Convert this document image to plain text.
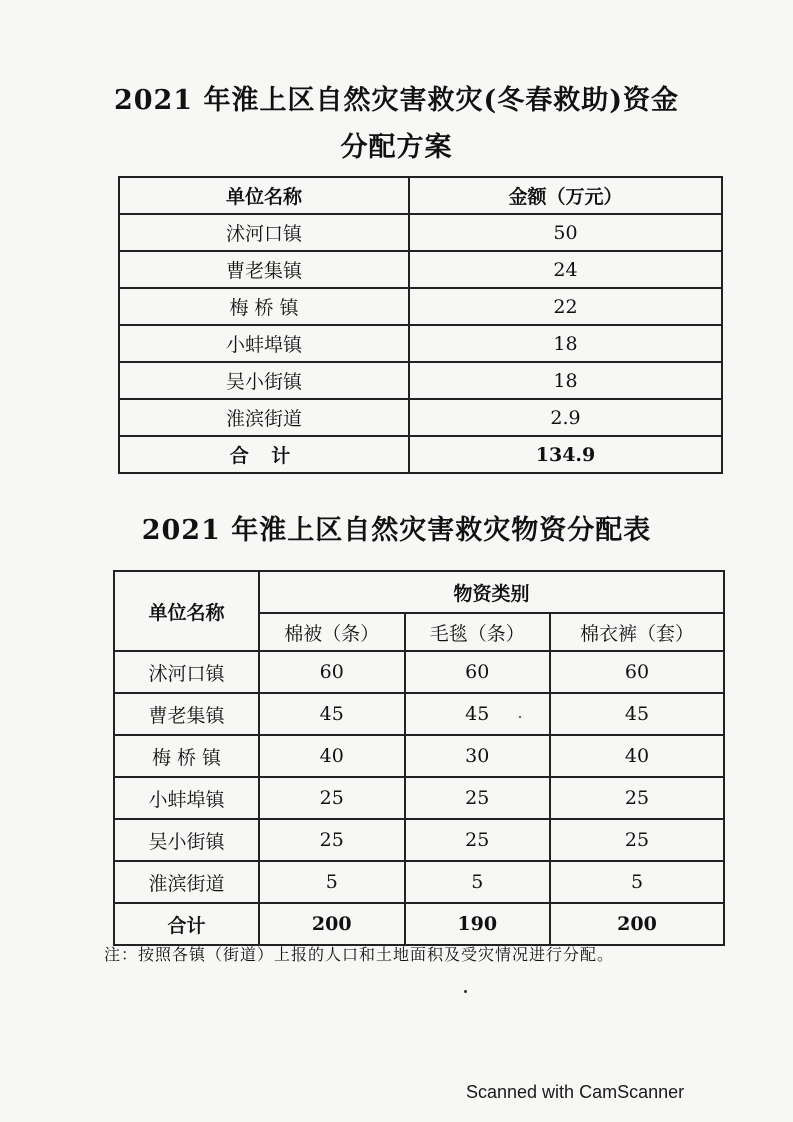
2021 年淮上区自然灾害救灾(冬春救助)资金
分配方案
单位名称	金额（万元）
沭河口镇	50
曹老集镇	24
梅 桥 镇	22
小蚌埠镇	18
吴小街镇	18
淮滨街道	2.9
合 计	134.9
2021 年淮上区自然灾害救灾物资分配表
单位名称	物资类别		
	棉被（条）	毛毯（条）	棉衣裤（套）
沭河口镇	60	60	60
曹老集镇	45	45	45
梅 桥 镇	40	30	40
小蚌埠镇	25	25	25
吴小街镇	25	25	25
淮滨街道	5	5	5
合计	200	190	200
注：按照各镇（街道）上报的人口和土地面积及受灾情况进行分配。
Scanned with CamScanner
